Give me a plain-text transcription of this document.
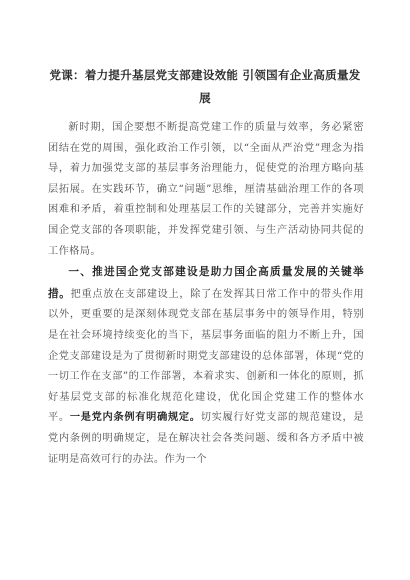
党课：着力提升基层党支部建设效能 引领国有企业高质量发展

新时期，国企要想不断提高党建工作的质量与效率，务必紧密团结在党的周围，强化政治工作引领，以“全面从严治党”理念为指导，着力加强党支部的基层事务治理能力，促使党的治理方略向基层拓展。在实践环节，确立“问题”思维，厘清基础治理工作的各项困难和矛盾，着重控制和处理基层工作的关键部分，完善并实施好国企党支部的各项职能，并发挥党建引领、与生产活动协同共促的工作格局。

一、推进国企党支部建设是助力国企高质量发展的关键举措。把重点放在支部建设上，除了在发挥其日常工作中的带头作用以外，更重要的是深刻体现党支部在基层事务中的领导作用，特别是在社会环境持续变化的当下，基层事务面临的阻力不断上升，国企党支部建设是为了贯彻新时期党支部建设的总体部署，体现“党的一切工作在支部”的工作部署，本着求实、创新和一体化的原则，抓好基层党支部的标准化规范化建设，优化国企党建工作的整体水平。一是党内条例有明确规定。切实履行好党支部的规范建设，是党内条例的明确规定，是在解决社会各类问题、缓和各方矛盾中被证明是高效可行的办法。作为一个
